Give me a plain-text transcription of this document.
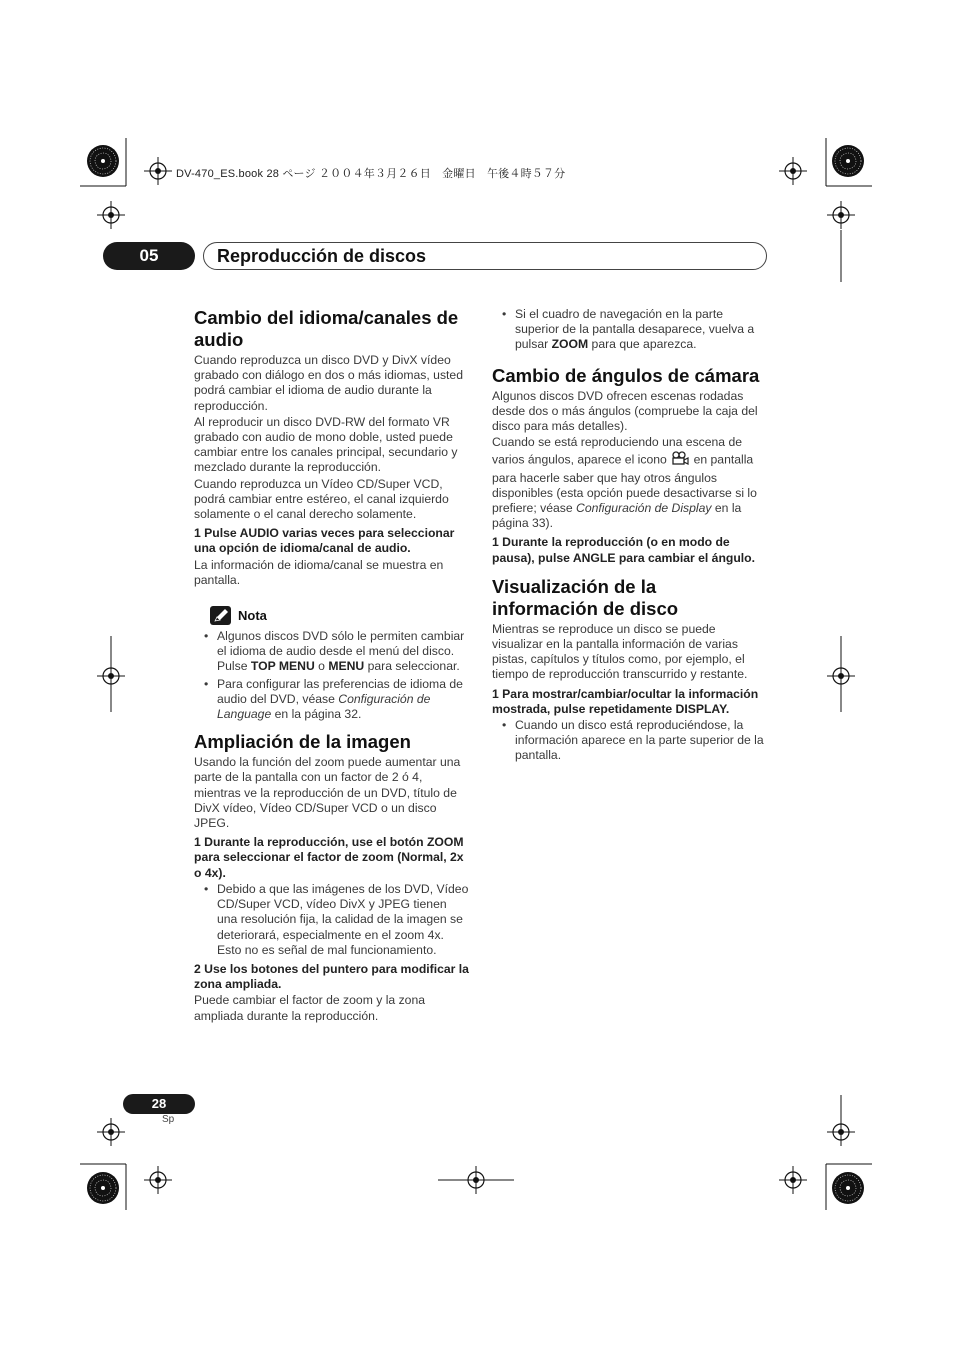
DV-470_ES.book 28 ページ ２００４年３月２６日　金曜日　午後４時５７分
05	Reproducción de discos
Cambio del idioma/canales de audio

Cuando reproduzca un disco DVD y DivX vídeo grabado con diálogo en dos o más idiomas, usted podrá cambiar el idioma de audio durante la reproducción.

Al reproducir un disco DVD-RW del formato VR grabado con audio de mono doble, usted puede cambiar entre los canales principal, secundario y mezclado durante la reproducción.

Cuando reproduzca un Vídeo CD/Super VCD, podrá cambiar entre estéreo, el canal izquierdo solamente o el canal derecho solamente.

1 Pulse AUDIO varias veces para seleccionar una opción de idioma/canal de audio.

La información de idioma/canal se muestra en pantalla.

Nota
• Algunos discos DVD sólo le permiten cambiar el idioma de audio desde el menú del disco. Pulse TOP MENU o MENU para seleccionar.
• Para configurar las preferencias de idioma de audio del DVD, véase Configuración de Language en la página 32.
Ampliación de la imagen

Usando la función del zoom puede aumentar una parte de la pantalla con un factor de 2 ó 4, mientras ve la reproducción de un DVD, título de DivX vídeo, Vídeo CD/Super VCD o un disco JPEG.

1 Durante la reproducción, use el botón ZOOM para seleccionar el factor de zoom (Normal, 2x o 4x).

• Debido a que las imágenes de los DVD, Vídeo CD/Super VCD, vídeo DivX y JPEG tienen una resolución fija, la calidad de la imagen se deteriorará, especialmente en el zoom 4x. Esto no es señal de mal funcionamiento.

2 Use los botones del puntero para modificar la zona ampliada.

Puede cambiar el factor de zoom y la zona ampliada durante la reproducción.

• Si el cuadro de navegación en la parte superior de la pantalla desaparece, vuelva a pulsar ZOOM para que aparezca.
Cambio de ángulos de cámara

Algunos discos DVD ofrecen escenas rodadas desde dos o más ángulos (compruebe la caja del disco para más detalles).

Cuando se está reproduciendo una escena de varios ángulos, aparece el icono  en pantalla para hacerle saber que hay otros ángulos disponibles (esta opción puede desactivarse si lo prefiere; véase Configuración de Display en la página 33).

1 Durante la reproducción (o en modo de pausa), pulse ANGLE para cambiar el ángulo.

Visualización de la información de disco

Mientras se reproduce un disco se puede visualizar en la pantalla información de varias pistas, capítulos y títulos como, por ejemplo, el tiempo de reproducción transcurrido y restante.

1 Para mostrar/cambiar/ocultar la información mostrada, pulse repetidamente DISPLAY.

• Cuando un disco está reproduciéndose, la información aparece en la parte superior de la pantalla.
28
Sp
